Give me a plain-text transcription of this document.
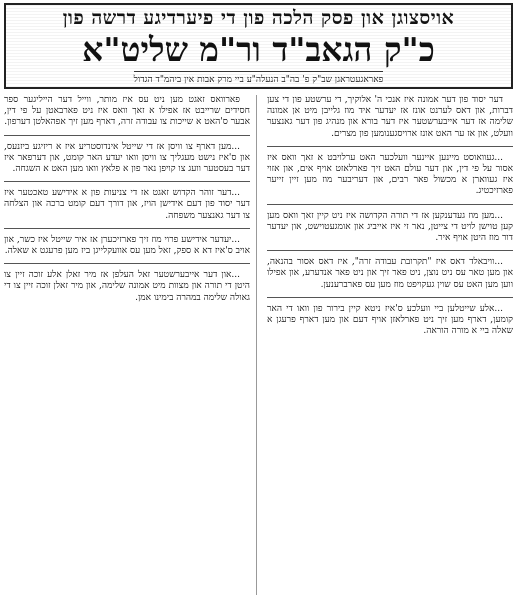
אויסצוגן און פסק הלכה פון די פיערדיגע דרשה פון
כ"ק הגאב"ד ור"מ שליט"א
פאראגעטראגן שב"ק פ' בה"ב הנעלה"ע ביי מרק אבות אין ביהמ"ד הגדול

דער יסוד פון דער אמונה איז אנכי ה' אלוקיך, די ערשטע פון די צען דברות, און דאס לערנט אונז אז יעדער איד מוז גלייבן מיט אן אמונה שלימה אז דער אייבערשטער איז דער בורא און מנהיג פון דער גאנצער וועלט, און אז ער האט אונז ארויסגענומען פון מצרים.

...געוואוסט מיינען איינער וועלכער האט ערלויבט א זאך וואס איז אסור על פי דין, און דער עולם האט זיך פארלאזט אויף אים, און אזוי איז געווארן א מכשול פאר רבים, און דעריבער מוז מען זיין זייער פארזיכטיג.

...מען מוז געדענקען אז די תורה הקדושה איז ניט קיין זאך וואס מען קען טוישן לויט די צייטן, נאר זי איז אייביג און אומגעטוישט, און יעדער דור מוז היטן אויף איר.

...וויבאלד דאס איז "תקרובת עבודה זרה", איז דאס אסור בהנאה, און מען טאר עס ניט נוצן, ניט פאר זיך און ניט פאר אנדערע, און אפילו ווען מען האט עס שוין געקויפט מוז מען עס פארברענען.

...אלע שייטלען ביי וועלכע ס'איז ניטא קיין בירור פון וואו די האר קומען, דארף מען זיך ניט פארלאזן אויף דעם און מען דארף פרעגן א שאלה ביי א מורה הוראה.

פארוואס זאגט מען ניט עס איז מותר, ווייל דער הייליגער ספר חסידים שרייבט אז אפילו א זאך וואס איז ניט פארבאטן על פי דין, אבער ס'האט א שייכות צו עבודה זרה, דארף מען זיך אפהאלטן דערפון.

...מען דארף צו וויסן אז די שייטל אינדוסטריע איז א ריזיגע ביזנעס, און ס'איז נישט מעגליך צו וויסן וואו יעדע האר קומט, און דערפאר איז דער בעסטער וועג צו קויפן נאר פון א פלאץ וואו מען האט א השגחה.

...דער זוהר הקדוש זאגט אז די צניעות פון א אידישע טאכטער איז דער יסוד פון דעם אידישן הויז, און דורך דעם קומט ברכה און הצלחה צו דער גאנצער משפחה.

...יעדער אידישע פרוי מוז זיך פארזיכערן אז איר שייטל איז כשר, און אויב ס'איז דא א ספק, זאל מען עס אוועקלייגן ביז מען פרעגט א שאלה.

...און דער אייבערשטער זאל העלפן אז מיר זאלן אלע זוכה זיין צו היטן די תורה און מצוות מיט אמונה שלימה, און מיר זאלן זוכה זיין צו די גאולה שלימה במהרה בימינו אמן.
